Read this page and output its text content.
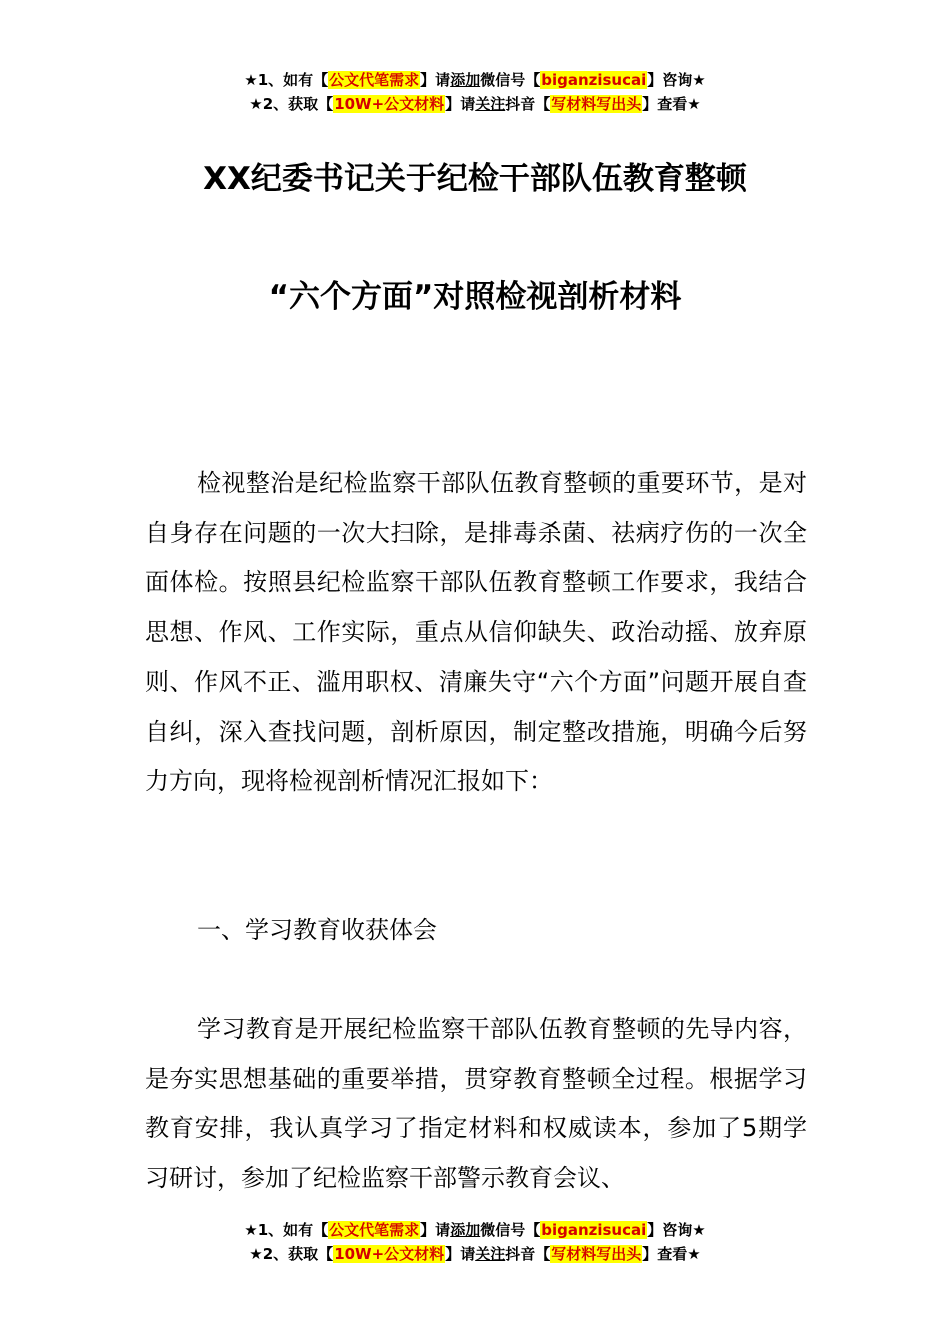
★1、如有【公文代笔需求】请添加微信号【biganzisucai】咨询★
★2、获取【10W+公文材料】请关注抖音【写材料写出头】查看★
XX纪委书记关于纪检干部队伍教育整顿
“六个方面”对照检视剖析材料

检视整治是纪检监察干部队伍教育整顿的重要环节，是对自身存在问题的一次大扫除，是排毒杀菌、祛病疗伤的一次全面体检。按照县纪检监察干部队伍教育整顿工作要求，我结合思想、作风、工作实际，重点从信仰缺失、政治动摇、放弃原则、作风不正、滥用职权、清廉失守“六个方面”问题开展自查自纠，深入查找问题，剖析原因，制定整改措施，明确今后努力方向，现将检视剖析情况汇报如下：

一、学习教育收获体会

学习教育是开展纪检监察干部队伍教育整顿的先导内容，是夯实思想基础的重要举措，贯穿教育整顿全过程。根据学习教育安排，我认真学习了指定材料和权威读本，参加了5期学习研讨，参加了纪检监察干部警示教育会议、

★1、如有【公文代笔需求】请添加微信号【biganzisucai】咨询★
★2、获取【10W+公文材料】请关注抖音【写材料写出头】查看★
